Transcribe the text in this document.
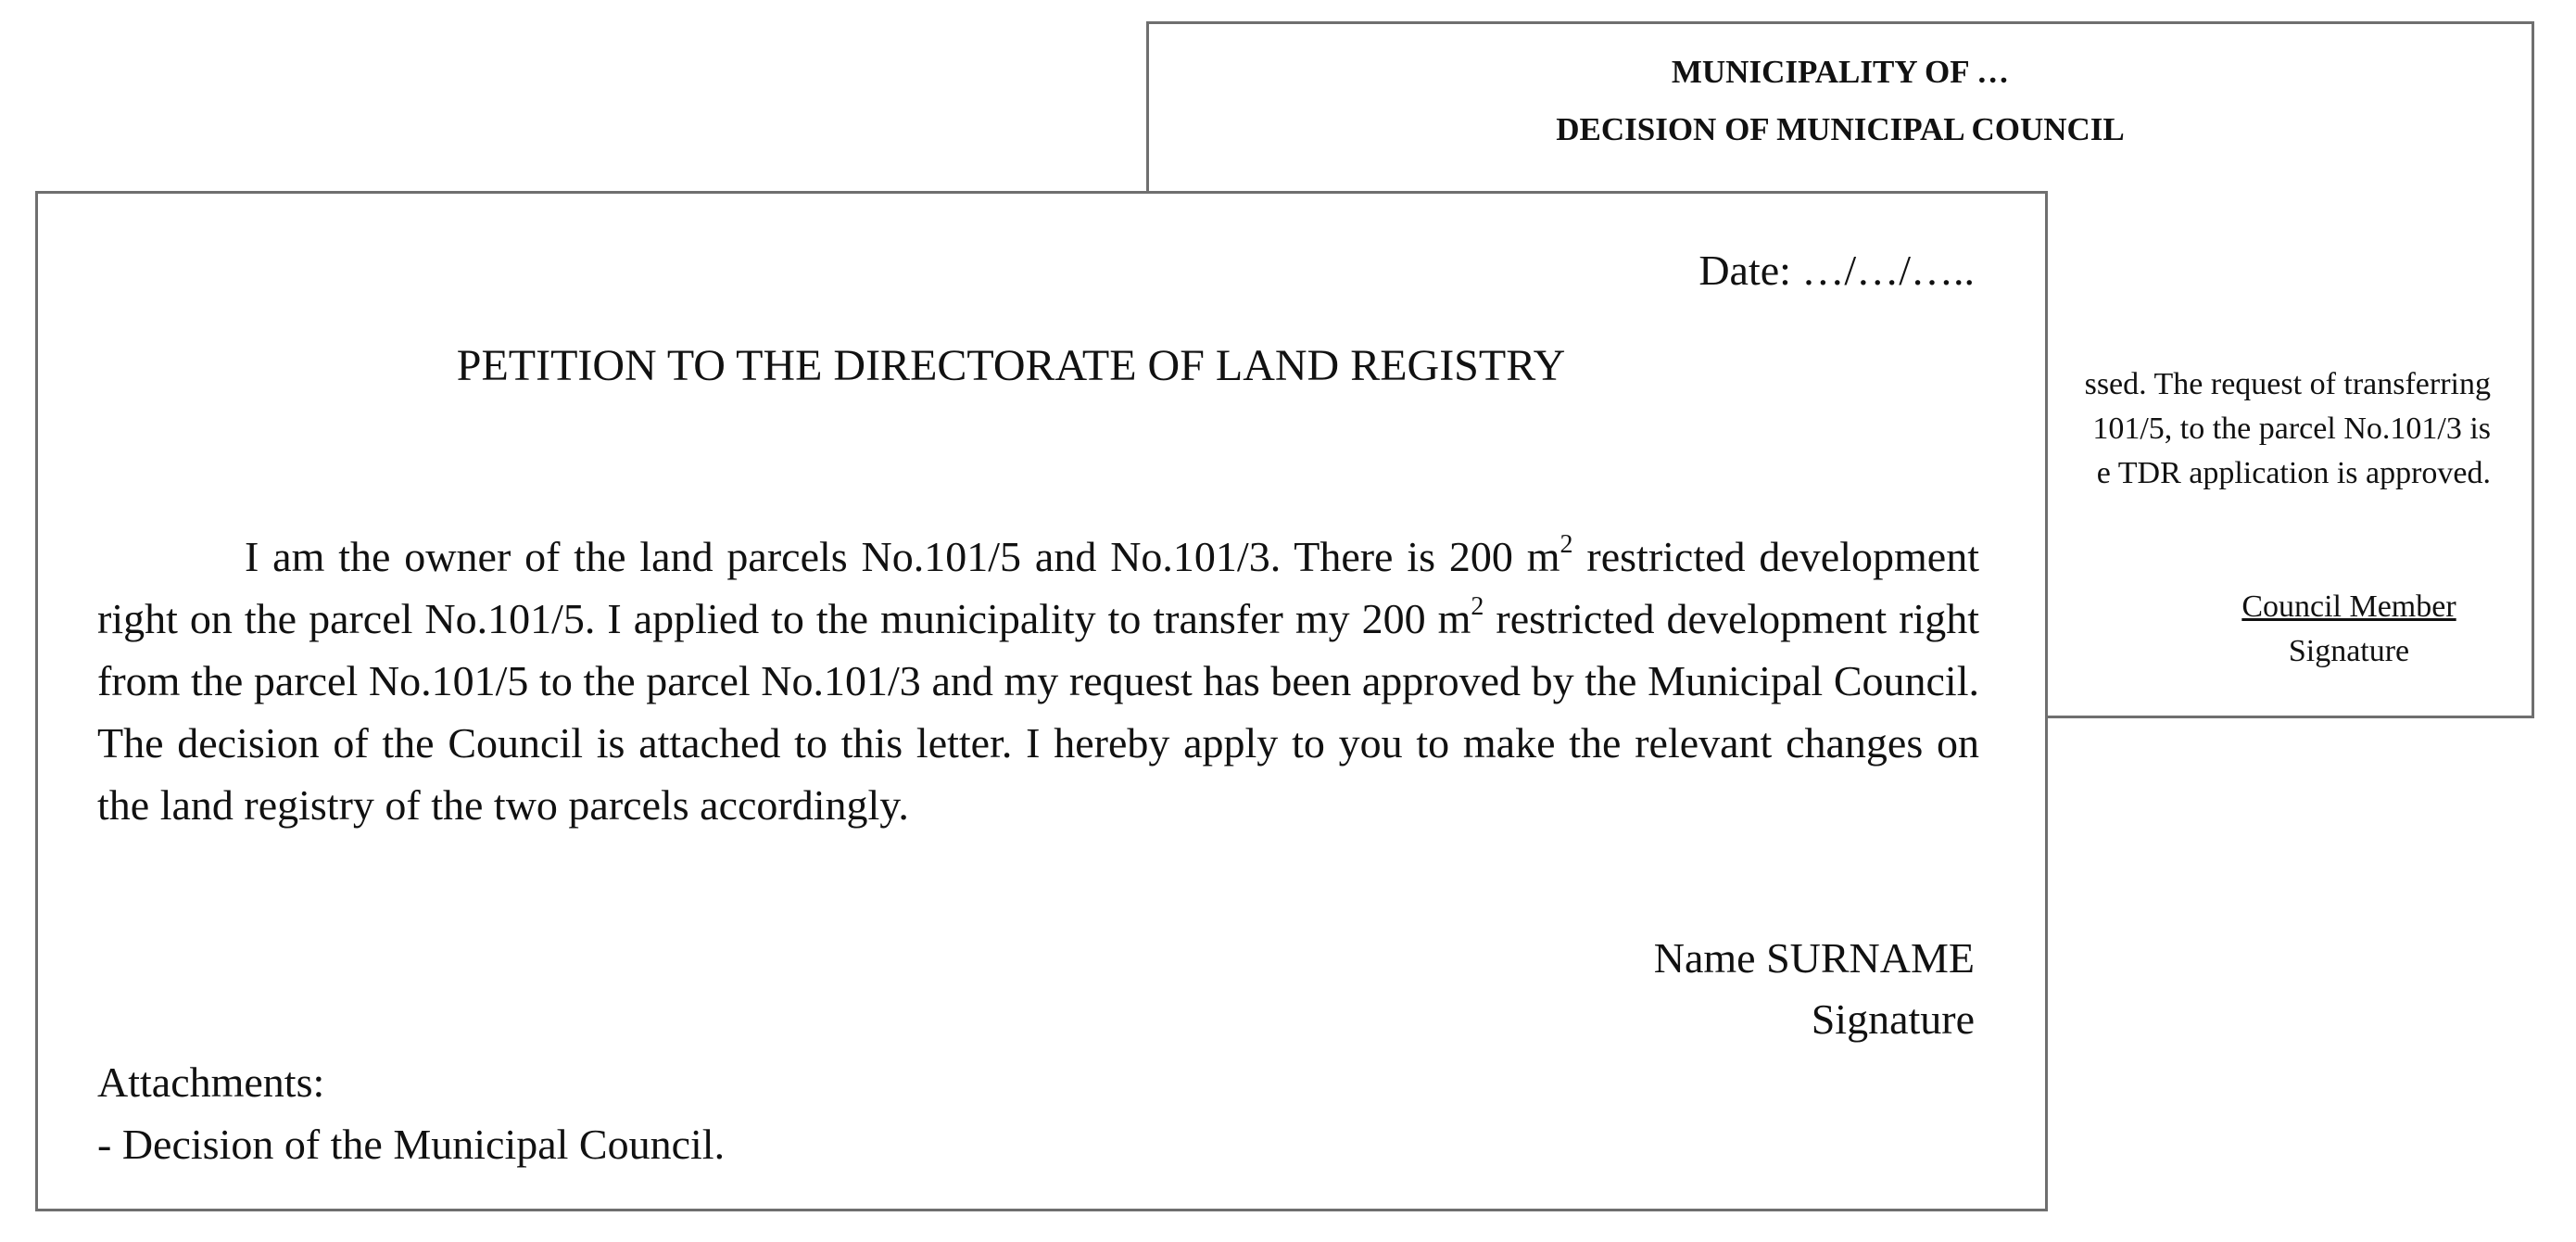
MUNICIPALITY OF …
DECISION OF MUNICIPAL COUNCIL
ssed. The request of transferring
101/5, to the parcel No.101/3 is
e TDR application is approved.
Council Member
Signature
Date: …/…/…..
PETITION TO THE DIRECTORATE OF LAND REGISTRY

I am the owner of the land parcels No.101/5 and No.101/3. There is 200 $m^2$ restricted development right on the parcel No.101/5. I applied to the municipality to transfer my 200 $m^2$ restricted development right from the parcel No.101/5 to the parcel No.101/3 and my request has been approved by the Municipal Council. The decision of the Council is attached to this letter. I hereby apply to you to make the relevant changes on the land registry of the two parcels accordingly.

Name SURNAME
Signature
Attachments:
- Decision of the Municipal Council.
